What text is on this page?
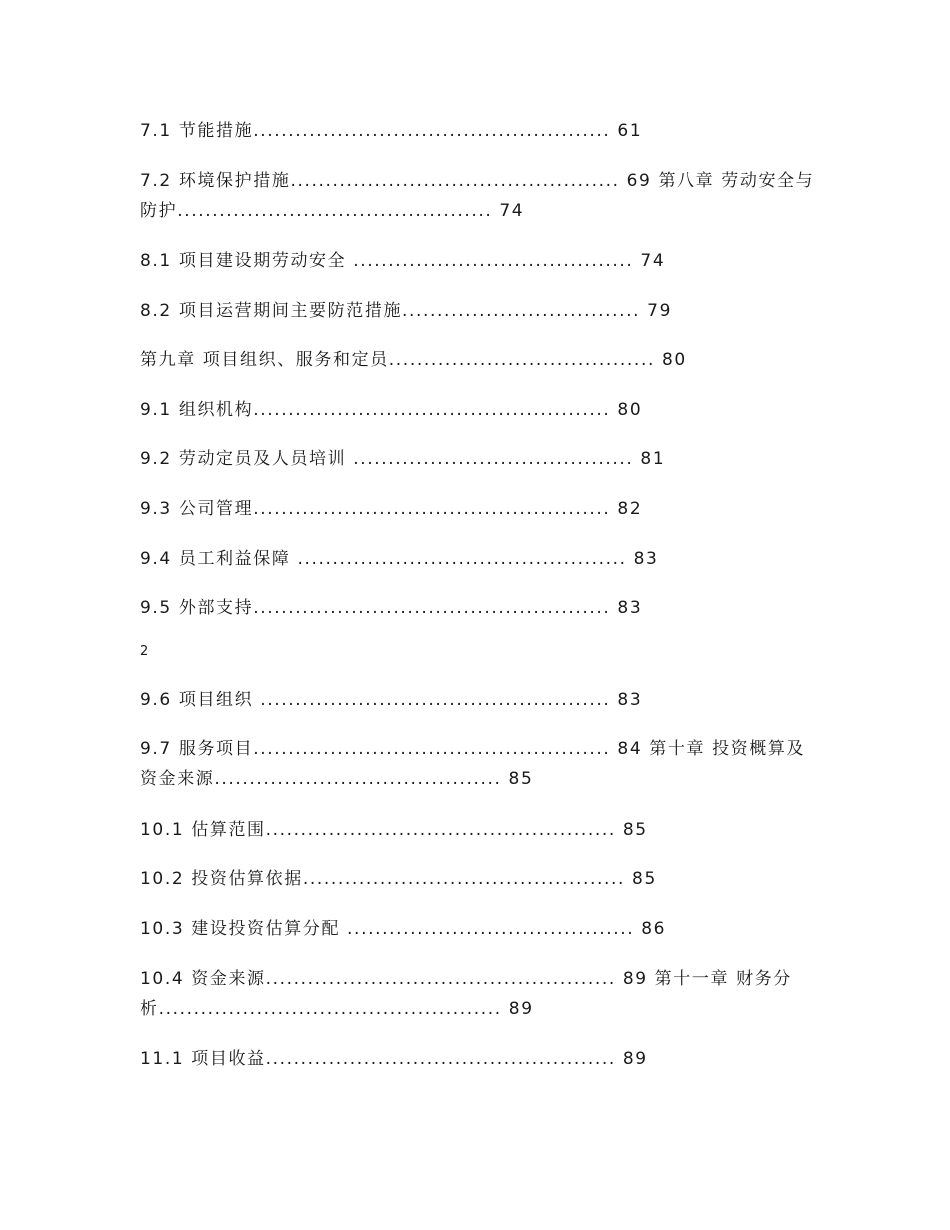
7.1 节能措施................................................... 61
7.2 环境保护措施............................................... 69 第八章 劳动安全与防护............................................. 74
8.1 项目建设期劳动安全 ........................................ 74
8.2 项目运营期间主要防范措施.................................. 79
第九章 项目组织、服务和定员...................................... 80
9.1 组织机构................................................... 80
9.2 劳动定员及人员培训 ........................................ 81
9.3 公司管理................................................... 82
9.4 员工利益保障 ............................................... 83
9.5 外部支持................................................... 83
2
9.6 项目组织 .................................................. 83
9.7 服务项目................................................... 84 第十章 投资概算及资金来源......................................... 85
10.1 估算范围.................................................. 85
10.2 投资估算依据.............................................. 85
10.3 建设投资估算分配 ......................................... 86
10.4 资金来源.................................................. 89 第十一章 财务分析................................................. 89
11.1 项目收益.................................................. 89
